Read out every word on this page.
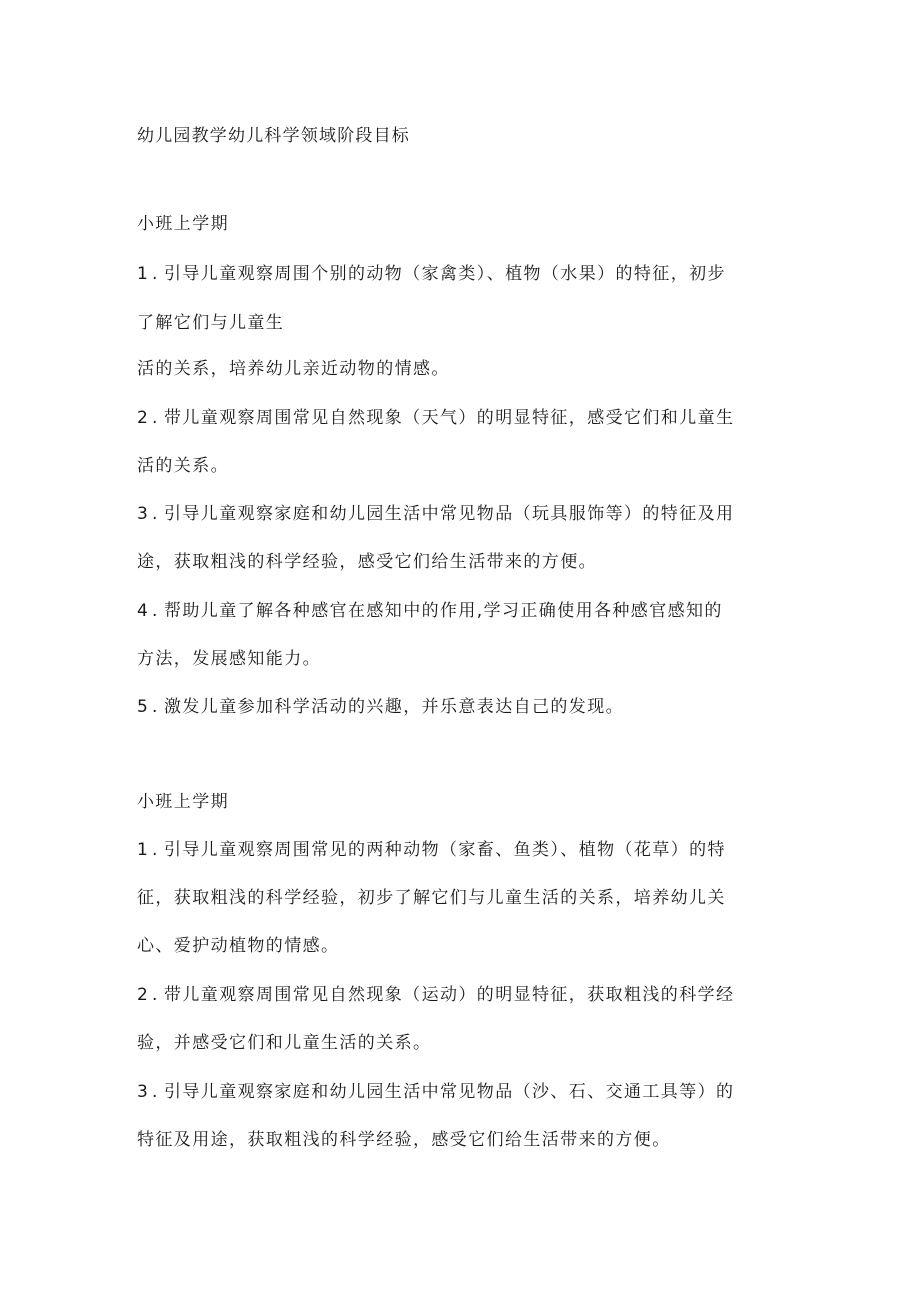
幼儿园教学幼儿科学领域阶段目标
小班上学期
1 . 引导儿童观察周围个别的动物（家禽类）、植物（水果）的特征，初步
了解它们与儿童生
活的关系，培养幼儿亲近动物的情感。
2 . 带儿童观察周围常见自然现象（天气）的明显特征，感受它们和儿童生
活的关系。
3 . 引导儿童观察家庭和幼儿园生活中常见物品（玩具服饰等）的特征及用
途，获取粗浅的科学经验，感受它们给生活带来的方便。
4 . 帮助儿童了解各种感官在感知中的作用,学习正确使用各种感官感知的
方法，发展感知能力。
5 . 激发儿童参加科学活动的兴趣，并乐意表达自己的发现。
小班上学期
1 . 引导儿童观察周围常见的两种动物（家畜、鱼类）、植物（花草）的特
征，获取粗浅的科学经验，初步了解它们与儿童生活的关系，培养幼儿关
心、爱护动植物的情感。
2 . 带儿童观察周围常见自然现象（运动）的明显特征，获取粗浅的科学经
验，并感受它们和儿童生活的关系。
3 . 引导儿童观察家庭和幼儿园生活中常见物品（沙、石、交通工具等）的
特征及用途，获取粗浅的科学经验，感受它们给生活带来的方便。
